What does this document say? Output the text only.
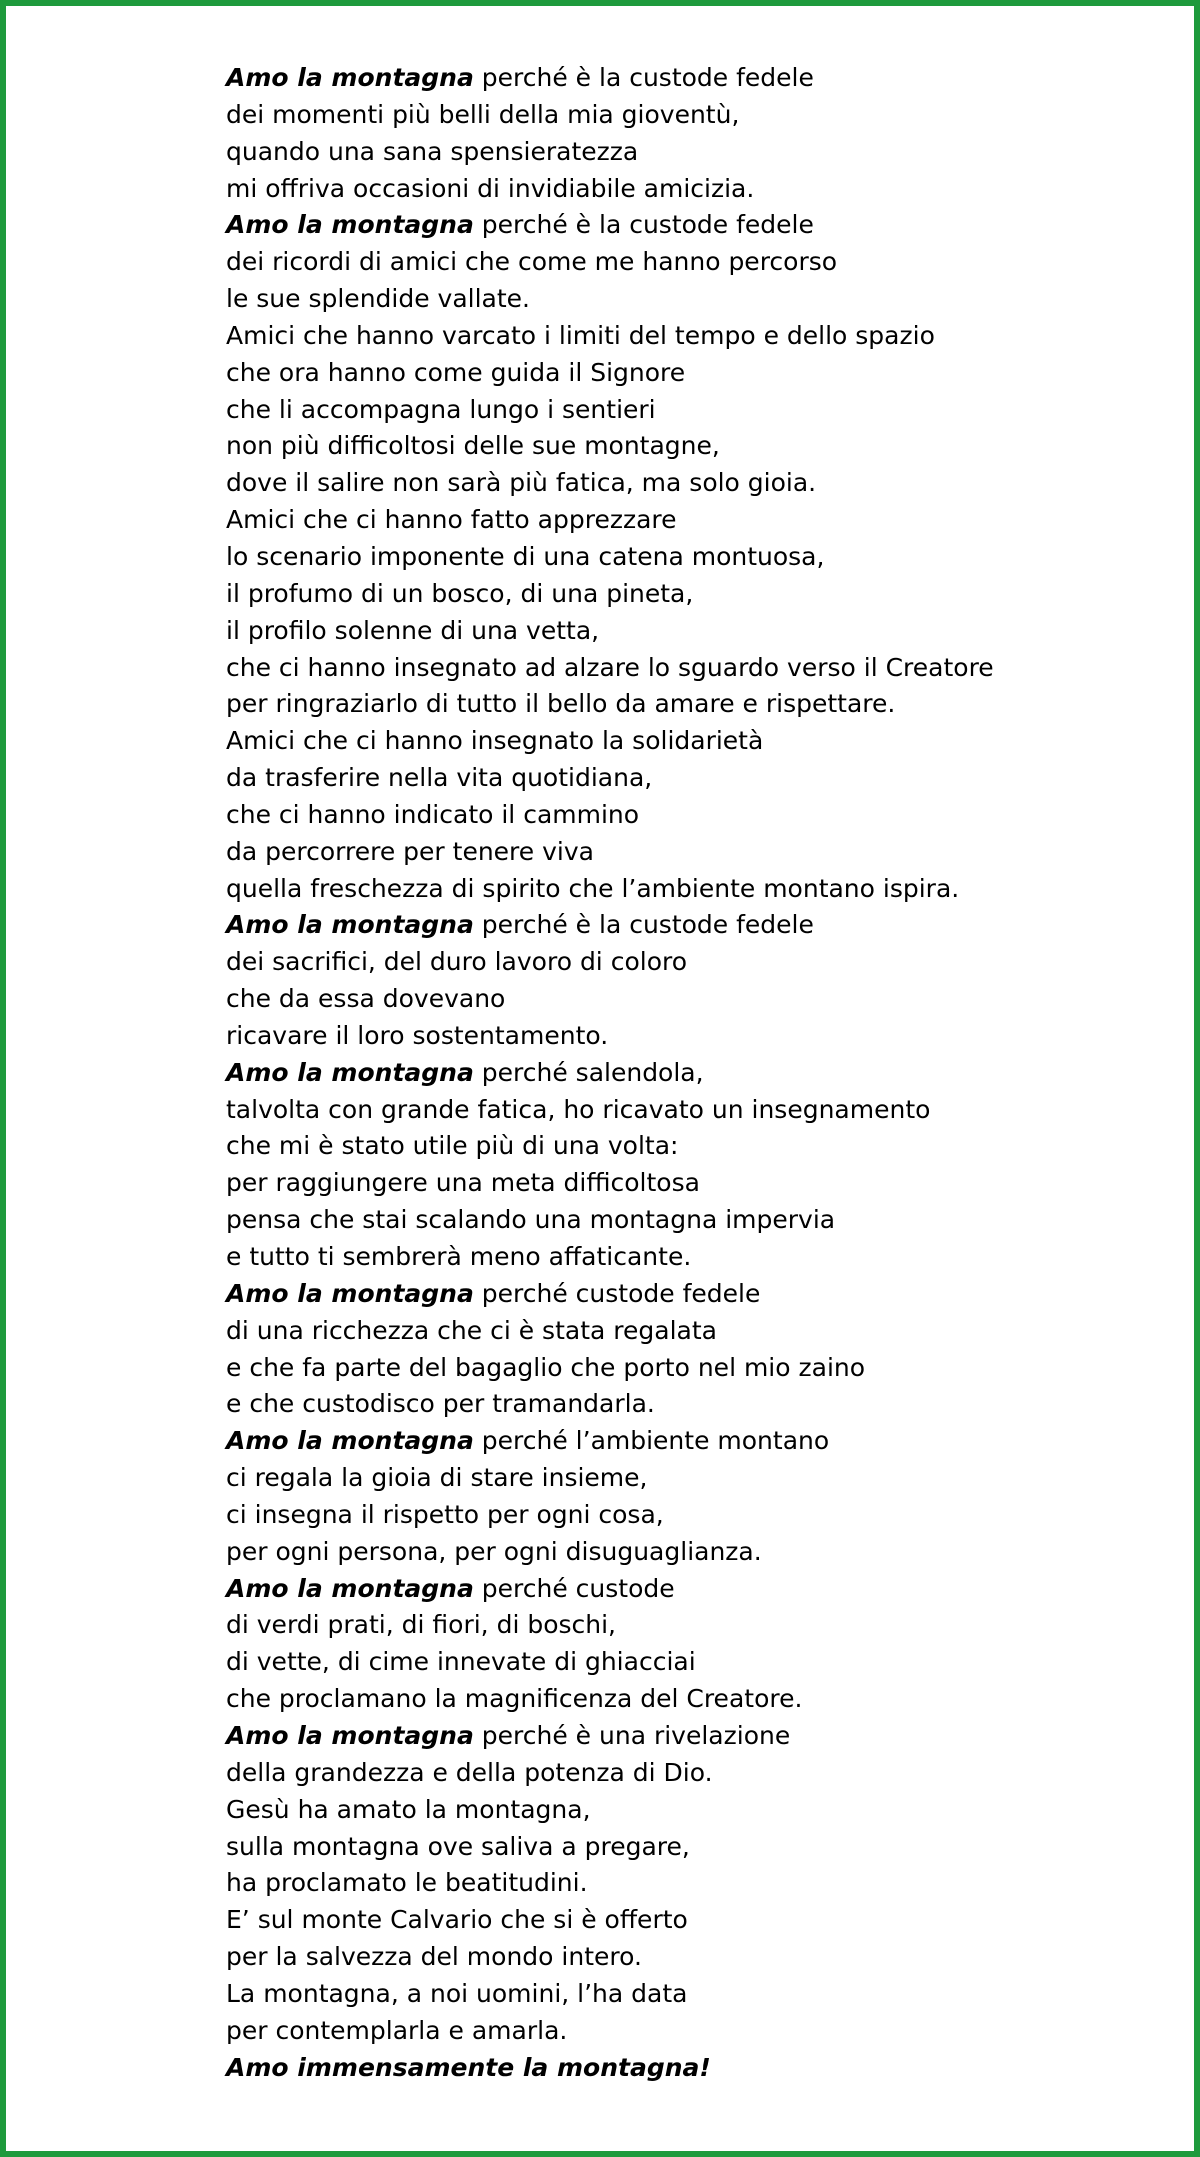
Amo la montagna perché è la custode fedele
dei momenti più belli della mia gioventù,
quando una sana spensieratezza
mi offriva occasioni di invidiabile amicizia.
Amo la montagna perché è la custode fedele
dei ricordi di amici che come me hanno percorso
le sue splendide vallate.
Amici che hanno varcato i limiti del tempo e dello spazio
che ora hanno come guida il Signore
che li accompagna lungo i sentieri
non più difficoltosi delle sue montagne,
dove il salire non sarà più fatica, ma solo gioia.
Amici che ci hanno fatto apprezzare
lo scenario imponente di una catena montuosa,
il profumo di un bosco, di una pineta,
il profilo solenne di una vetta,
che ci hanno insegnato ad alzare lo sguardo verso il Creatore
per ringraziarlo di tutto il bello da amare e rispettare.
Amici che ci hanno insegnato la solidarietà
da trasferire nella vita quotidiana,
che ci hanno indicato il cammino
da percorrere per tenere viva
quella freschezza di spirito che l’ambiente montano ispira.
Amo la montagna perché è la custode fedele
dei sacrifici, del duro lavoro di coloro
che da essa dovevano
ricavare il loro sostentamento.
Amo la montagna perché salendola,
talvolta con grande fatica, ho ricavato un insegnamento
che mi è stato utile più di una volta:
per raggiungere una meta difficoltosa
pensa che stai scalando una montagna impervia
e tutto ti sembrerà meno affaticante.
Amo la montagna perché custode fedele
di una ricchezza che ci è stata regalata
e che fa parte del bagaglio che porto nel mio zaino
e che custodisco per tramandarla.
Amo la montagna perché l’ambiente montano
ci regala la gioia di stare insieme,
ci insegna il rispetto per ogni cosa,
per ogni persona, per ogni disuguaglianza.
Amo la montagna perché custode
di verdi prati, di fiori, di boschi,
di vette, di cime innevate di ghiacciai
che proclamano la magnificenza del Creatore.
Amo la montagna perché è una rivelazione
della grandezza e della potenza di Dio.
Gesù ha amato la montagna,
sulla montagna ove saliva a pregare,
ha proclamato le beatitudini.
E’ sul monte Calvario che si è offerto
per la salvezza del mondo intero.
La montagna, a noi uomini, l’ha data
per contemplarla e amarla.
Amo immensamente la montagna!
